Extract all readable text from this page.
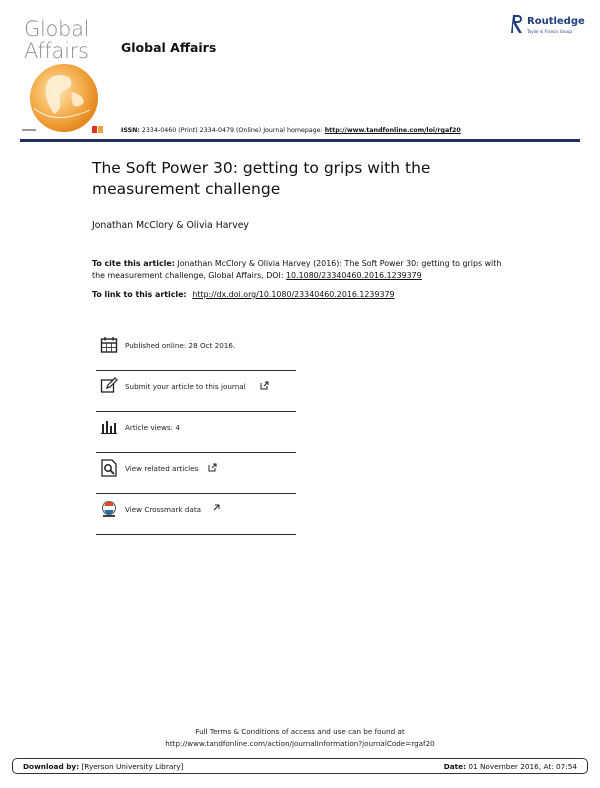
Global
Affairs	Global Affairs
Routledge
Taylor & Francis Group
ISSN: 2334-0460 (Print) 2334-0479 (Online) Journal homepage: http://www.tandfonline.com/loi/rgaf20
The Soft Power 30: getting to grips with the measurement challenge
Jonathan McClory & Olivia Harvey
To cite this article: Jonathan McClory & Olivia Harvey (2016): The Soft Power 30: getting to grips with the measurement challenge, Global Affairs, DOI: 10.1080/23340460.2016.1239379
To link to this article: http://dx.doi.org/10.1080/23340460.2016.1239379
Published online: 28 Oct 2016.
Submit your article to this journal
Article views: 4
View related articles
View Crossmark data
Full Terms & Conditions of access and use can be found at
http://www.tandfonline.com/action/journalInformation?journalCode=rgaf20
Download by: [Ryerson University Library]	Date: 01 November 2016, At: 07:54
